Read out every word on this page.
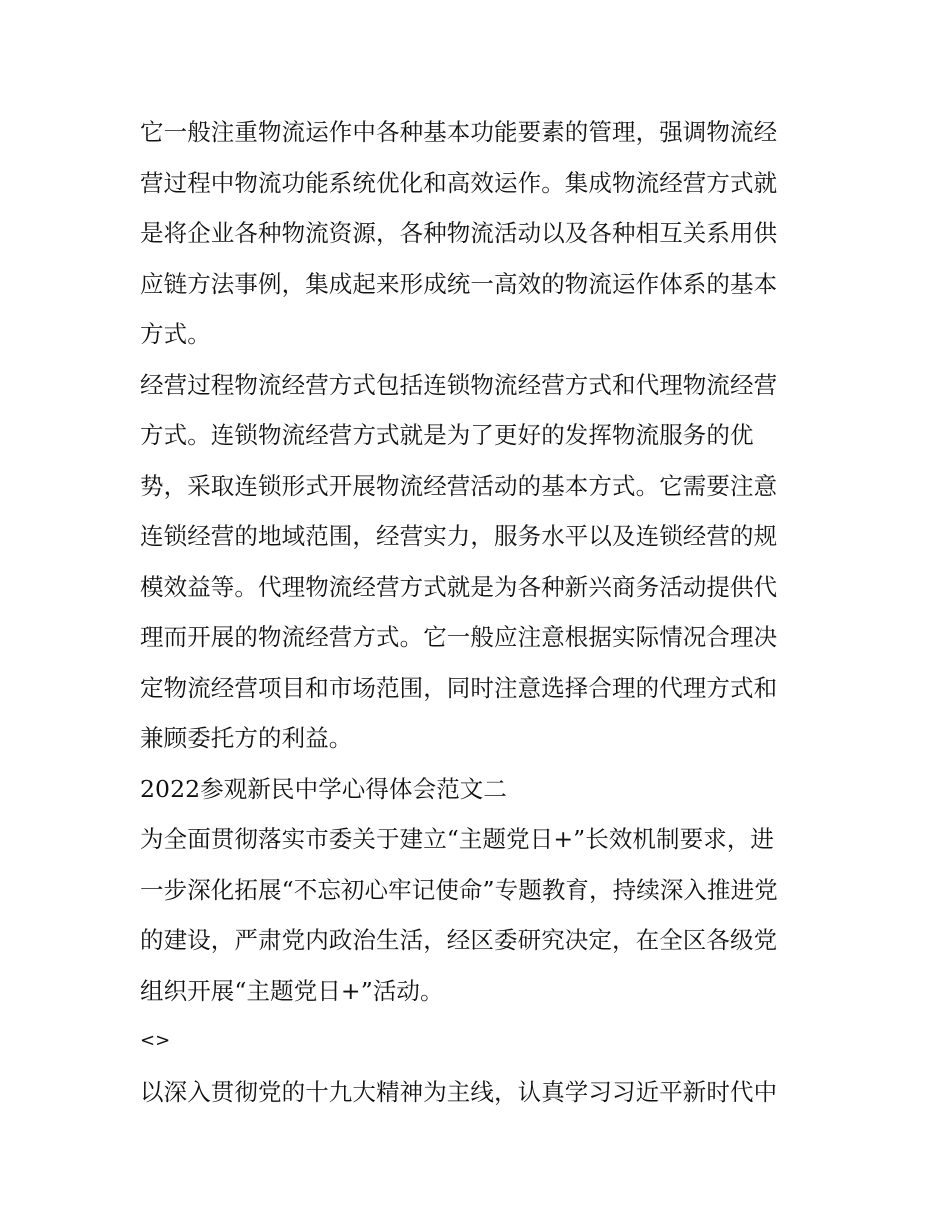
它一般注重物流运作中各种基本功能要素的管理，强调物流经
营过程中物流功能系统优化和高效运作。集成物流经营方式就
是将企业各种物流资源，各种物流活动以及各种相互关系用供
应链方法事例，集成起来形成统一高效的物流运作体系的基本
方式。
经营过程物流经营方式包括连锁物流经营方式和代理物流经营
方式。连锁物流经营方式就是为了更好的发挥物流服务的优
势，采取连锁形式开展物流经营活动的基本方式。它需要注意
连锁经营的地域范围，经营实力，服务水平以及连锁经营的规
模效益等。代理物流经营方式就是为各种新兴商务活动提供代
理而开展的物流经营方式。它一般应注意根据实际情况合理决
定物流经营项目和市场范围，同时注意选择合理的代理方式和
兼顾委托方的利益。
2022参观新民中学心得体会范文二
为全面贯彻落实市委关于建立“主题党日+”长效机制要求，进
一步深化拓展“不忘初心牢记使命”专题教育，持续深入推进党
的建设，严肃党内政治生活，经区委研究决定，在全区各级党
组织开展“主题党日+”活动。
<>
以深入贯彻党的十九大精神为主线，认真学习习近平新时代中
